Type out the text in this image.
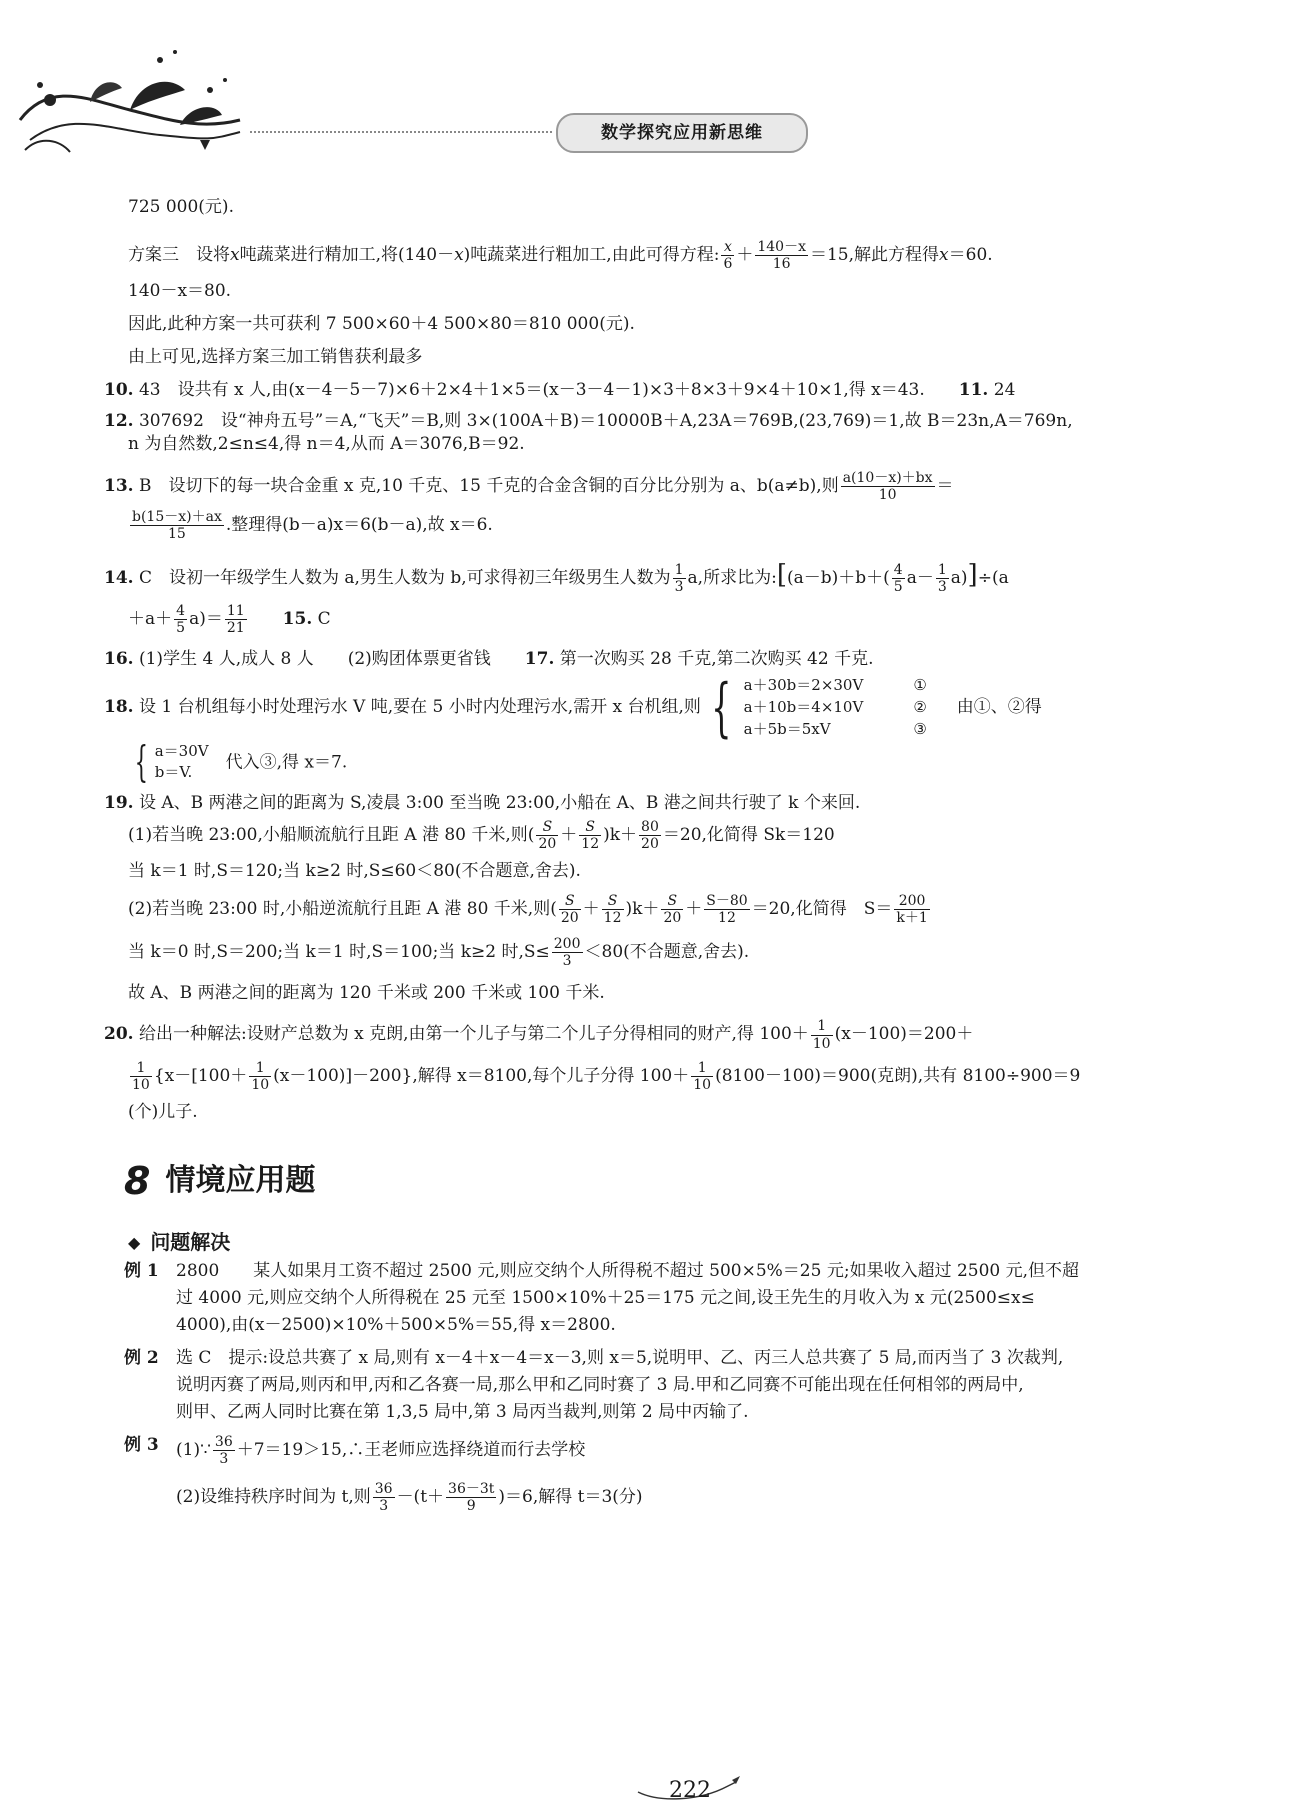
数学探究应用新思维

725 000(元).

方案三　设将x吨蔬菜进行精加工,将(140－x)吨蔬菜进行粗加工,由此可得方程: $\frac{x}{6} + \frac{140-x}{16} =15$,解此方程得x＝60.

140－x＝80.

因此,此种方案一共可获利 7 500×60＋4 500×80＝810 000(元).

由上可见,选择方案三加工销售获利最多

10. 43　设共有 x 人,由(x－4－5－7)×6＋2×4＋1×5＝(x－3－4－1)×3＋8×3＋9×4＋10×1,得 x＝43.　　 11. 24

12. 307692　设“神舟五号”＝A,“飞天”＝B,则 3×(100A＋B)＝10000B＋A,23A＝769B,(23,769)＝1,故 B＝23n,A＝769n,

n 为自然数,2≤n≤4,得 n＝4,从而 A＝3076,B＝92.

13. B　设切下的每一块合金重 x 克,10 千克、15 千克的合金含铜的百分比分别为 a、b(a≠b),则 $\frac{a(10-x)+bx}{10}$ ＝

$\frac{b(15-x)+ax}{15}$ .整理得(b－a)x＝6(b－a),故 x＝6.

14. C　设初一年级学生人数为 a,男生人数为 b,可求得初三年级男生人数为 $\frac{1}{3} a$,所求比为:[(a－b)＋b＋( $\frac{4}{5} a- \frac{1}{3} a)]\div(a$

$+a+ \frac{4}{5} a)= \frac{11}{21}$
　　 15. C

16. (1)学生 4 人,成人 8 人　　(2)购团体票更省钱　　 17. 第一次购买 28 千克,第二次购买 42 千克.

18. 设 1 台机组每小时处理污水 V 吨,要在 5 小时内处理污水,需开 x 台机组,则 { a＋30b＝2×30V
a＋10b＝4×10V
a＋5b＝5xV
①
②
③
由①、②得

{ a＝30V
b＝V.
　代入③,得 x＝7.

19. 设 A、B 两港之间的距离为 S,凌晨 3:00 至当晚 23:00,小船在 A、B 港之间共行驶了 k 个来回.

(1)若当晚 23:00,小船顺流航行且距 A 港 80 千米,则( $\frac{S}{20} + \frac{S}{12} )k+ \frac{80}{20} =20$,化简得 Sk＝120

当 k＝1 时,S＝120;当 k≥2 时,S≤60＜80(不合题意,舍去).

(2)若当晚 23:00 时,小船逆流航行且距 A 港 80 千米,则( $\frac{S}{20} + \frac{S}{12} )k+ \frac{S}{20} + \frac{S-80}{12} =20$,化简得　$S= \frac{200}{k+1}$

当 k＝0 时,S＝200;当 k＝1 时,S＝100;当 k≥2 时$,S\le \frac{200}{3} <80$(不合题意,舍去).

故 A、B 两港之间的距离为 120 千米或 200 千米或 100 千米.

20. 给出一种解法:设财产总数为 x 克朗,由第一个儿子与第二个儿子分得相同的财产,得 $100+ \frac{1}{10} (x-100)=200+$

$\frac{1}{10} \{x-[100+ \frac{1}{10} (x-100)]-200\}$,解得 x＝8100,每个儿子分得 $100+ \frac{1}{10} (8100-100)=900$(克朗),共有 8100÷900＝9

(个)儿子.

8 情境应用题
◆ 问题解决
例 1	2800　　某人如果月工资不超过 2500 元,则应交纳个人所得税不超过 500×5%＝25 元;如果收入超过 2500 元,但不超

过 4000 元,则应交纳个人所得税在 25 元至 1500×10%＋25＝175 元之间,设王先生的月收入为 x 元(2500≤x≤

4000),由(x－2500)×10%＋500×5%＝55,得 x＝2800.

例 2	选 C　提示:设总共赛了 x 局,则有 x－4＋x－4＝x－3,则 x＝5,说明甲、乙、丙三人总共赛了 5 局,而丙当了 3 次裁判,

说明丙赛了两局,则丙和甲,丙和乙各赛一局,那么甲和乙同时赛了 3 局.甲和乙同赛不可能出现在任何相邻的两局中,

则甲、乙两人同时比赛在第 1,3,5 局中,第 3 局丙当裁判,则第 2 局中丙输了.

例 3	(1)∵ $\frac{36}{3}$ ＋7＝19＞15,∴王老师应选择绕道而行去学校

(2)设维持秩序时间为 t,则 $\frac{36}{3} -(t+ \frac{36-3t}{9} )=6$,解得 t＝3(分)

222
